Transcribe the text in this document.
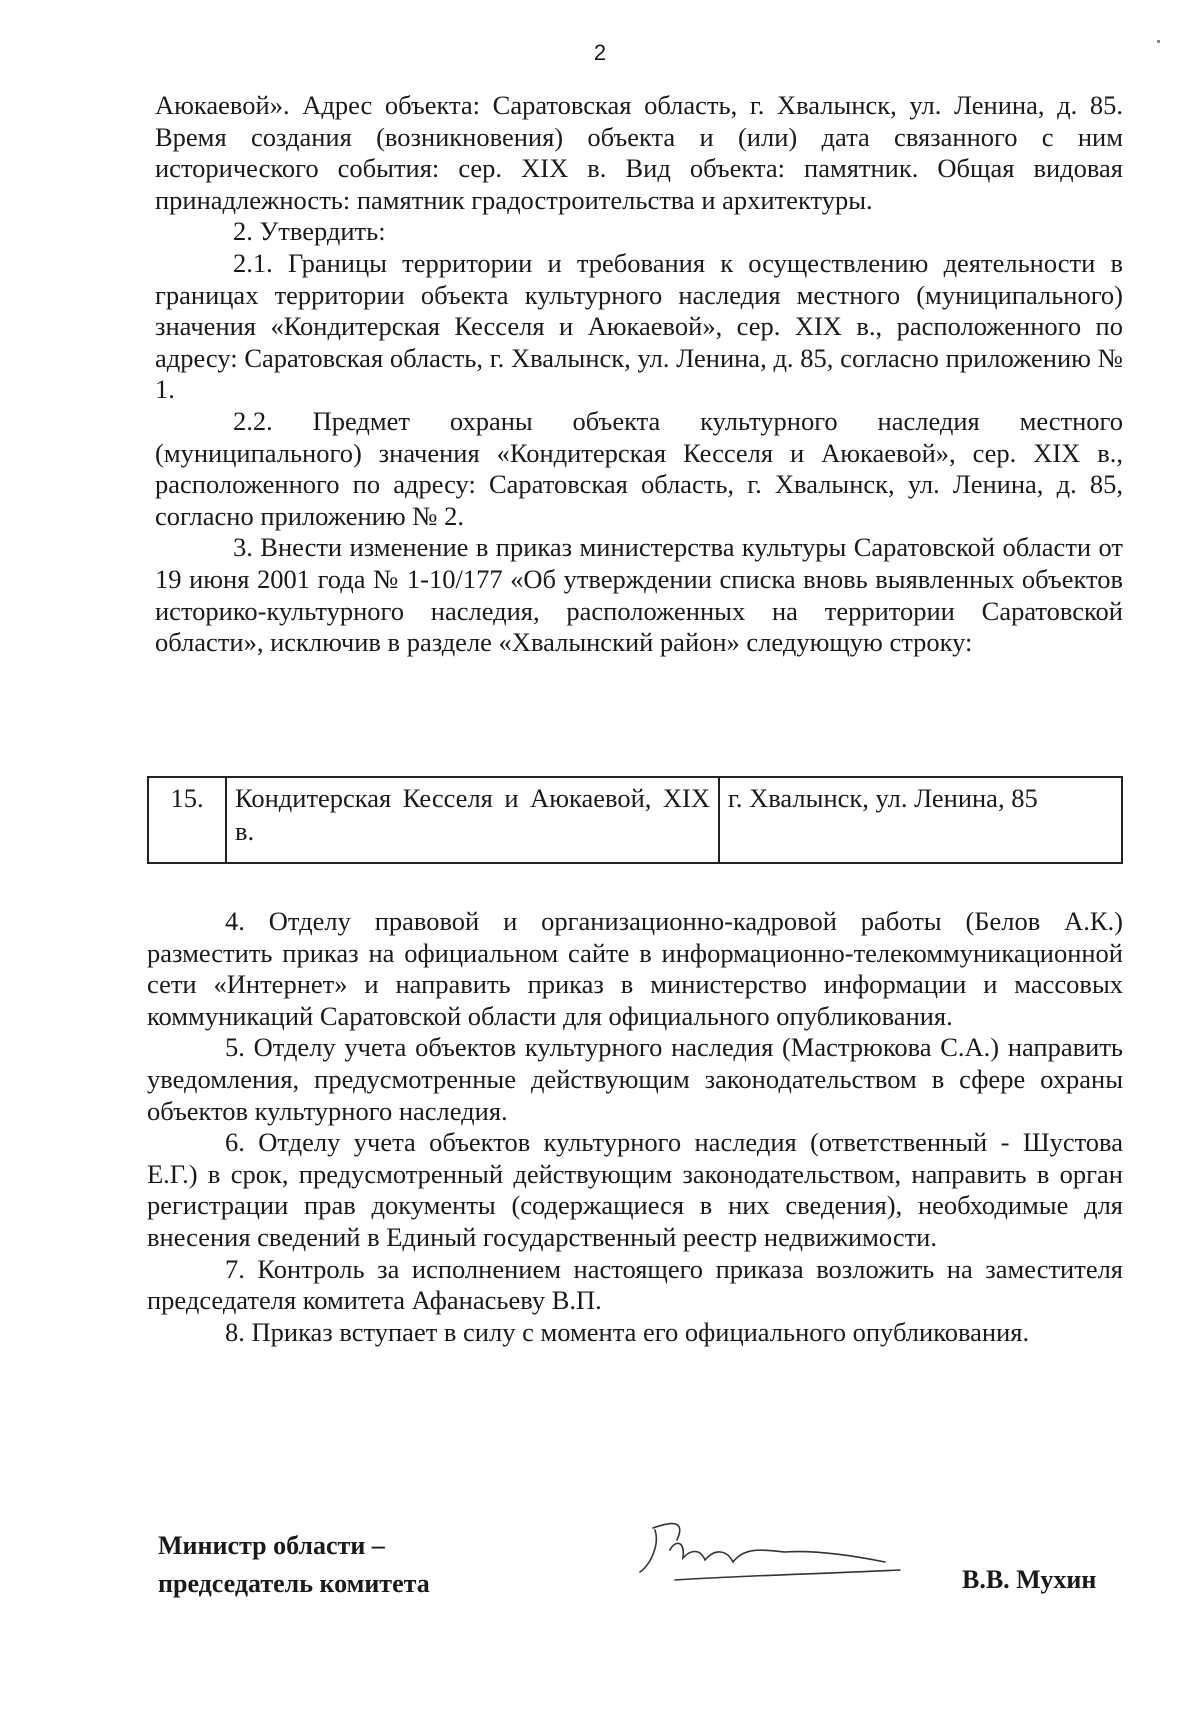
2

Аюкаевой». Адрес объекта: Саратовская область, г. Хвалынск, ул. Ленина, д. 85. Время создания (возникновения) объекта и (или) дата связанного с ним исторического события: сер. XIX в. Вид объекта: памятник. Общая видовая принадлежность: памятник градостроительства и архитектуры.

2. Утвердить:

2.1. Границы территории и требования к осуществлению деятельности в границах территории объекта культурного наследия местного (муниципального) значения «Кондитерская Кесселя и Аюкаевой», сер. XIX в., расположенного по адресу: Саратовская область, г. Хвалынск, ул. Ленина, д. 85, согласно приложению № 1.

2.2. Предмет охраны объекта культурного наследия местного (муниципального) значения «Кондитерская Кесселя и Аюкаевой», сер. XIX в., расположенного по адресу: Саратовская область, г. Хвалынск, ул. Ленина, д. 85, согласно приложению № 2.

3. Внести изменение в приказ министерства культуры Саратовской области от 19 июня 2001 года № 1-10/177 «Об утверждении списка вновь выявленных объектов историко-культурного наследия, расположенных на территории Саратовской области», исключив в разделе «Хвалынский район» следующую строку:

15.	Кондитерская Кесселя и Аюкаевой, XIX в.	г. Хвалынск, ул. Ленина, 85

4. Отделу правовой и организационно-кадровой работы (Белов А.К.) разместить приказ на официальном сайте в информационно-телекоммуникационной сети «Интернет» и направить приказ в министерство информации и массовых коммуникаций Саратовской области для официального опубликования.

5. Отделу учета объектов культурного наследия (Мастрюкова С.А.) направить уведомления, предусмотренные действующим законодательством в сфере охраны объектов культурного наследия.

6. Отделу учета объектов культурного наследия (ответственный - Шустова Е.Г.) в срок, предусмотренный действующим законодательством, направить в орган регистрации прав документы (содержащиеся в них сведения), необходимые для внесения сведений в Единый государственный реестр недвижимости.

7. Контроль за исполнением настоящего приказа возложить на заместителя председателя комитета Афанасьеву В.П.

8. Приказ вступает в силу с момента его официального опубликования.

Министр области –
председатель комитета	В.В. Мухин
